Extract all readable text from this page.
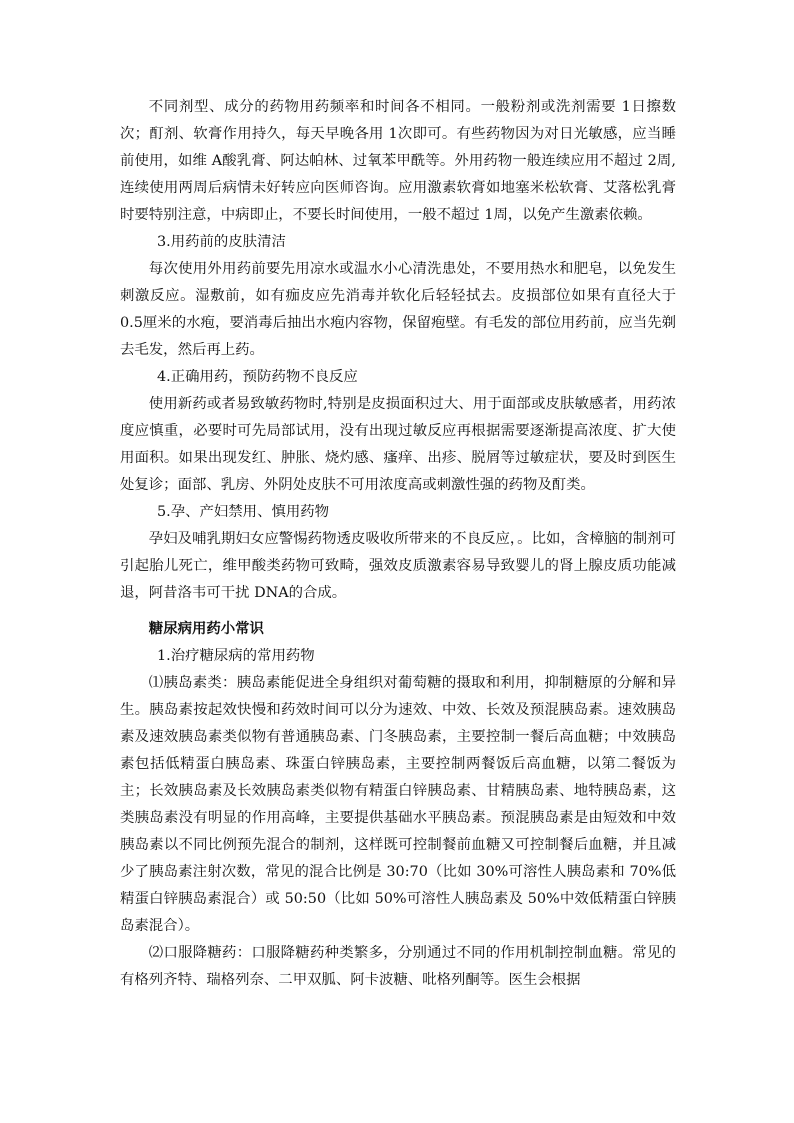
不同剂型、成分的药物用药频率和时间各不相同。一般粉剂或洗剂需要 1日擦数次；酊剂、软膏作用持久，每天早晚各用 1次即可。有些药物因为对日光敏感，应当睡前使用，如维 A酸乳膏、阿达帕林、过氧苯甲酰等。外用药物一般连续应用不超过 2周,连续使用两周后病情未好转应向医师咨询。应用激素软膏如地塞米松软膏、艾落松乳膏时要特别注意，中病即止，不要长时间使用，一般不超过 1周，以免产生激素依赖。

3.用药前的皮肤清洁

每次使用外用药前要先用凉水或温水小心清洗患处，不要用热水和肥皂，以免发生刺激反应。湿敷前，如有痂皮应先消毒并软化后轻轻拭去。皮损部位如果有直径大于 0.5厘米的水疱，要消毒后抽出水疱内容物，保留疱壁。有毛发的部位用药前，应当先剃去毛发，然后再上药。

4.正确用药，预防药物不良反应

使用新药或者易致敏药物时,特别是皮损面积过大、用于面部或皮肤敏感者，用药浓度应慎重，必要时可先局部试用，没有出现过敏反应再根据需要逐渐提高浓度、扩大使用面积。如果出现发红、肿胀、烧灼感、瘙痒、出疹、脱屑等过敏症状，要及时到医生处复诊；面部、乳房、外阴处皮肤不可用浓度高或刺激性强的药物及酊类。

5.孕、产妇禁用、慎用药物

孕妇及哺乳期妇女应警惕药物透皮吸收所带来的不良反应，。比如，含樟脑的制剂可引起胎儿死亡，维甲酸类药物可致畸，强效皮质激素容易导致婴儿的肾上腺皮质功能减退，阿昔洛韦可干扰 DNA的合成。

糖尿病用药小常识

1.治疗糖尿病的常用药物

⑴胰岛素类：胰岛素能促进全身组织对葡萄糖的摄取和利用，抑制糖原的分解和异生。胰岛素按起效快慢和药效时间可以分为速效、中效、长效及预混胰岛素。速效胰岛素及速效胰岛素类似物有普通胰岛素、门冬胰岛素，主要控制一餐后高血糖；中效胰岛素包括低精蛋白胰岛素、珠蛋白锌胰岛素，主要控制两餐饭后高血糖，以第二餐饭为主；长效胰岛素及长效胰岛素类似物有精蛋白锌胰岛素、甘精胰岛素、地特胰岛素，这类胰岛素没有明显的作用高峰，主要提供基础水平胰岛素。预混胰岛素是由短效和中效胰岛素以不同比例预先混合的制剂，这样既可控制餐前血糖又可控制餐后血糖，并且减少了胰岛素注射次数，常见的混合比例是 30:70（比如 30%可溶性人胰岛素和 70%低精蛋白锌胰岛素混合）或 50:50（比如 50%可溶性人胰岛素及 50%中效低精蛋白锌胰岛素混合）。

⑵口服降糖药：口服降糖药种类繁多，分别通过不同的作用机制控制血糖。常见的有格列齐特、瑞格列奈、二甲双胍、阿卡波糖、吡格列酮等。医生会根据
